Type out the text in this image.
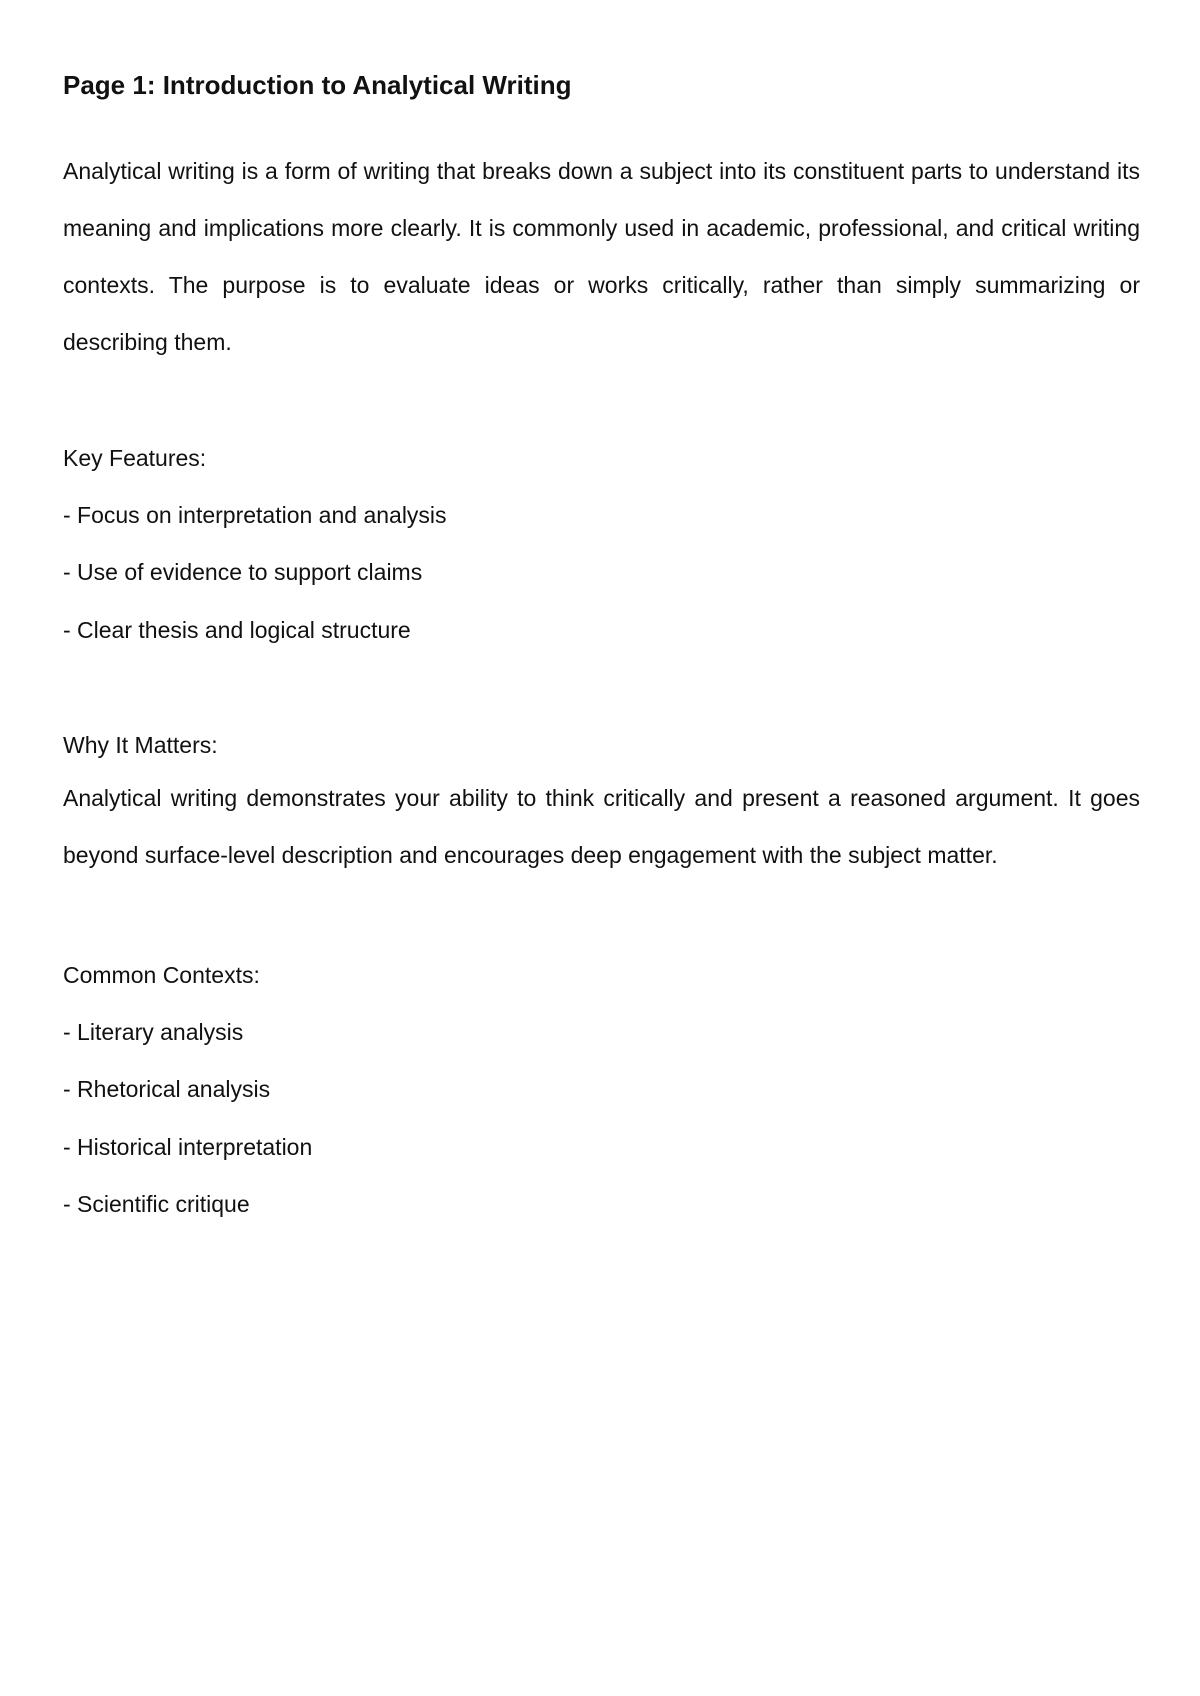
Page 1: Introduction to Analytical Writing

Analytical writing is a form of writing that breaks down a subject into its constituent parts to understand its meaning and implications more clearly. It is commonly used in academic, professional, and critical writing contexts. The purpose is to evaluate ideas or works critically, rather than simply summarizing or describing them.

Key Features:

- Focus on interpretation and analysis

- Use of evidence to support claims

- Clear thesis and logical structure

Why It Matters:

Analytical writing demonstrates your ability to think critically and present a reasoned argument. It goes beyond surface-level description and encourages deep engagement with the subject matter.

Common Contexts:

- Literary analysis

- Rhetorical analysis

- Historical interpretation

- Scientific critique
